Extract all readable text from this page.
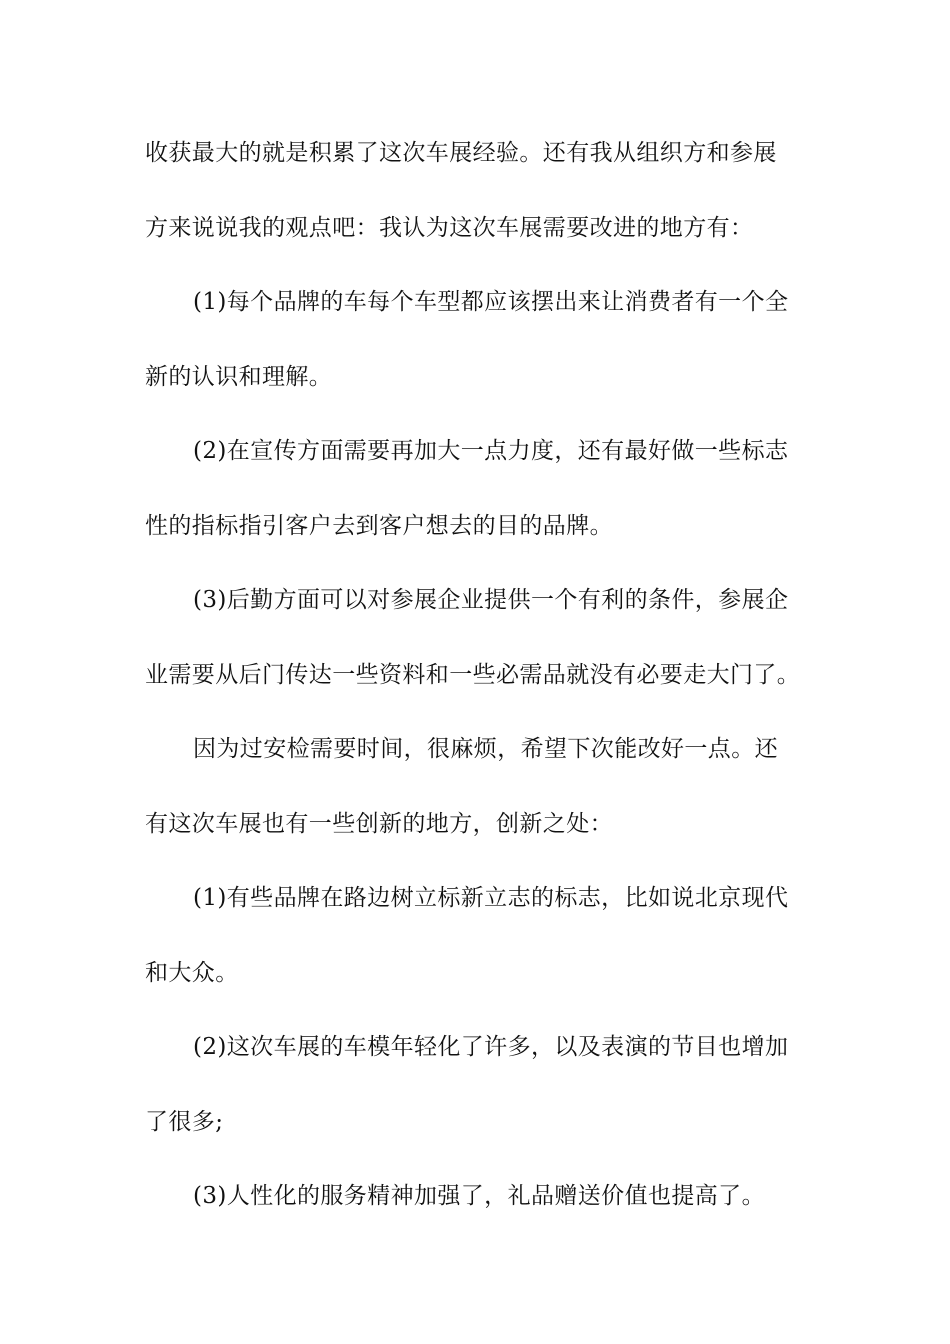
收获最大的就是积累了这次车展经验。还有我从组织方和参展
方来说说我的观点吧：我认为这次车展需要改进的地方有：
(1)每个品牌的车每个车型都应该摆出来让消费者有一个全
新的认识和理解。
(2)在宣传方面需要再加大一点力度，还有最好做一些标志
性的指标指引客户去到客户想去的目的品牌。
(3)后勤方面可以对参展企业提供一个有利的条件，参展企
业需要从后门传达一些资料和一些必需品就没有必要走大门了。
因为过安检需要时间，很麻烦，希望下次能改好一点。还
有这次车展也有一些创新的地方，创新之处：
(1)有些品牌在路边树立标新立志的标志，比如说北京现代
和大众。
(2)这次车展的车模年轻化了许多，以及表演的节目也增加
了很多;
(3)人性化的服务精神加强了，礼品赠送价值也提高了。
